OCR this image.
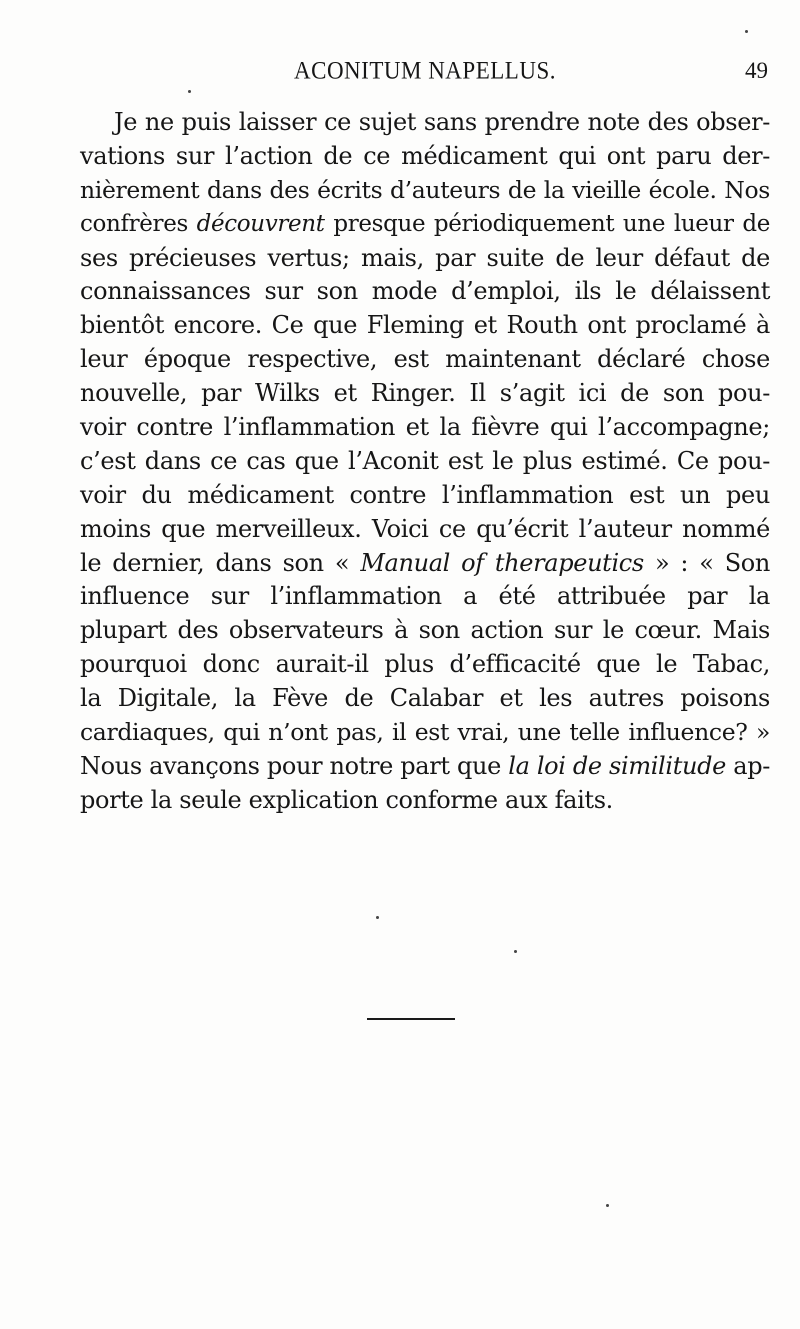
ACONITUM NAPELLUS.	49
Je ne puis laisser ce sujet sans prendre note des obser-
vations sur l’action de ce médicament qui ont paru der-
nièrement dans des écrits d’auteurs de la vieille école. Nos
confrères découvrent presque périodiquement une lueur de
ses précieuses vertus; mais, par suite de leur défaut de
connaissances sur son mode d’emploi, ils le délaissent
bientôt encore. Ce que Fleming et Routh ont proclamé à
leur époque respective, est maintenant déclaré chose
nouvelle, par Wilks et Ringer. Il s’agit ici de son pou-
voir contre l’inflammation et la fièvre qui l’accompagne;
c’est dans ce cas que l’Aconit est le plus estimé. Ce pou-
voir du médicament contre l’inflammation est un peu
moins que merveilleux. Voici ce qu’écrit l’auteur nommé
le dernier, dans son « Manual of therapeutics » : « Son
influence sur l’inflammation a été attribuée par la
plupart des observateurs à son action sur le cœur. Mais
pourquoi donc aurait-il plus d’efficacité que le Tabac,
la Digitale, la Fève de Calabar et les autres poisons
cardiaques, qui n’ont pas, il est vrai, une telle influence? »
Nous avançons pour notre part que la loi de similitude ap-
porte la seule explication conforme aux faits.
